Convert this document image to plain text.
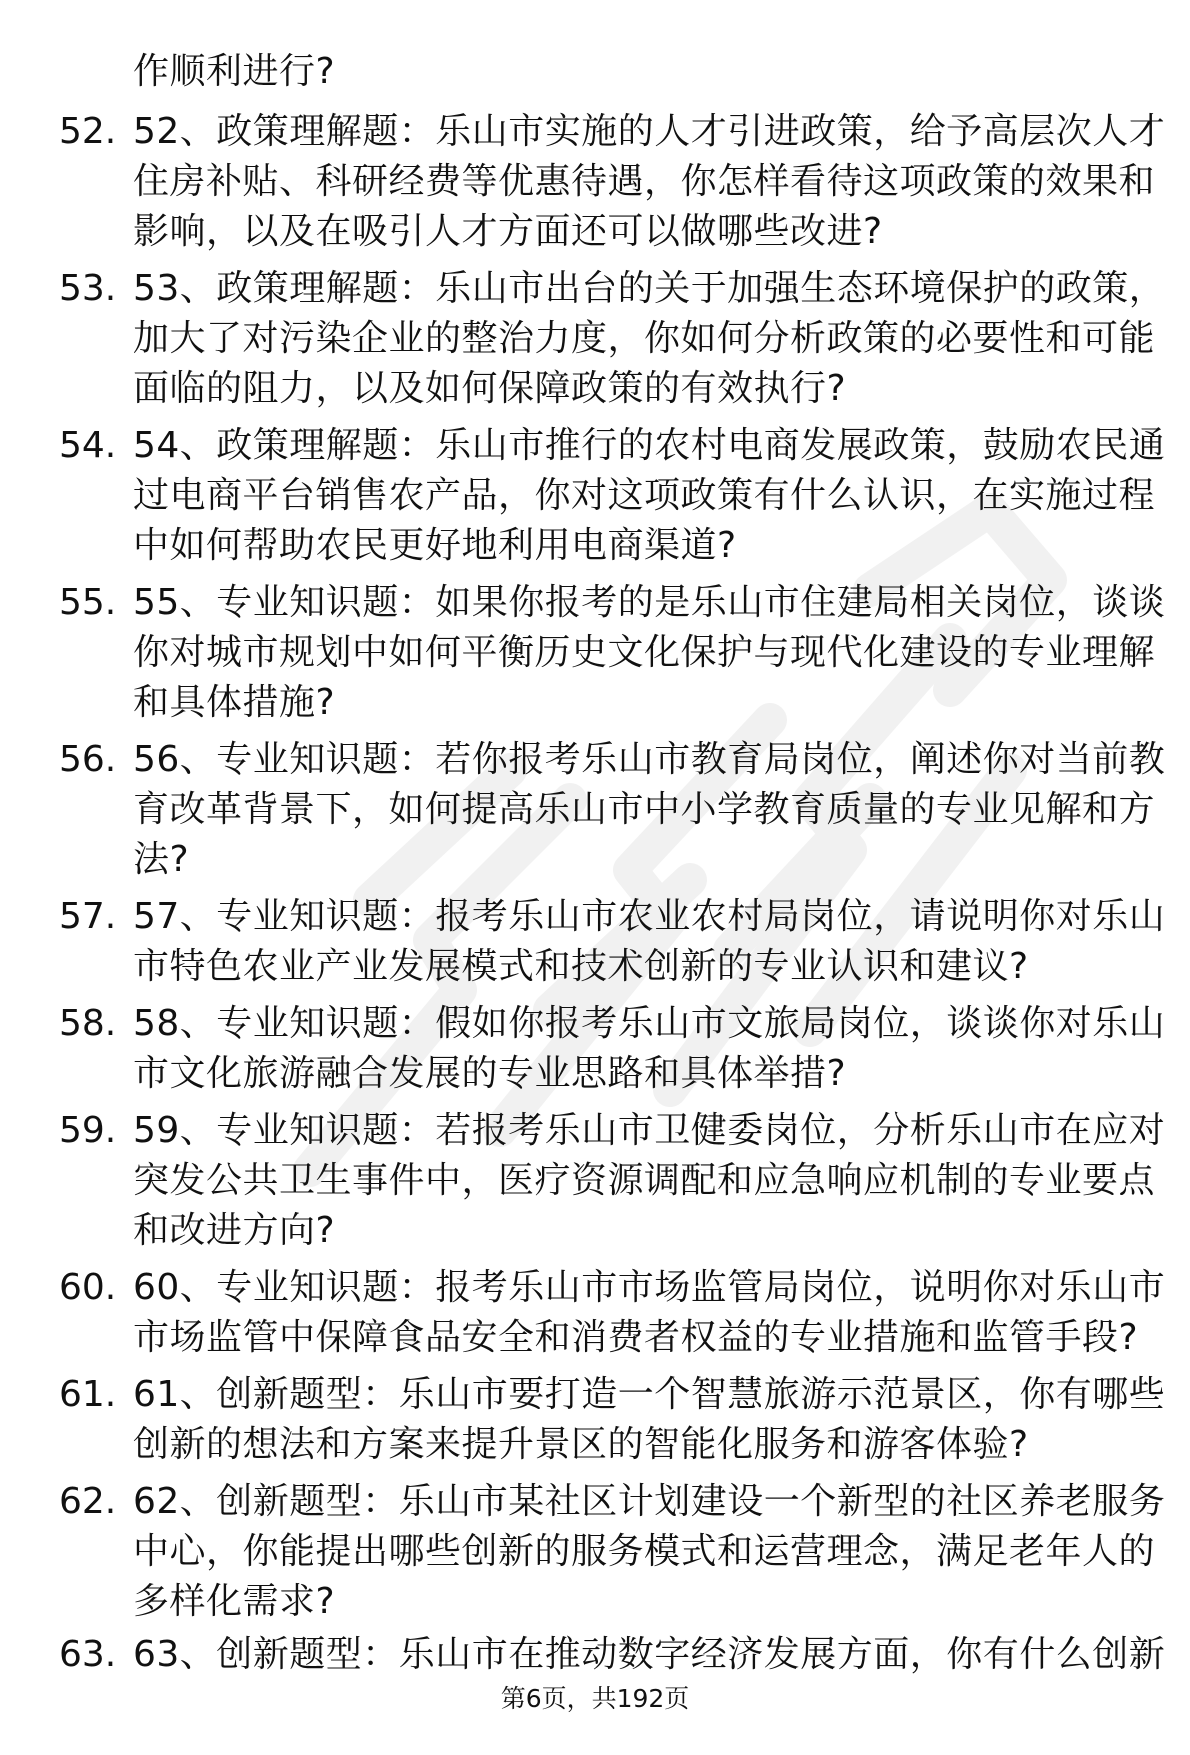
作顺利进行?
52. 52、政策理解题：乐山市实施的人才引进政策，给予高层次人才
住房补贴、科研经费等优惠待遇，你怎样看待这项政策的效果和
影响，以及在吸引人才方面还可以做哪些改进?
53. 53、政策理解题：乐山市出台的关于加强生态环境保护的政策，
加大了对污染企业的整治力度，你如何分析政策的必要性和可能
面临的阻力，以及如何保障政策的有效执行?
54. 54、政策理解题：乐山市推行的农村电商发展政策，鼓励农民通
过电商平台销售农产品，你对这项政策有什么认识，在实施过程
中如何帮助农民更好地利用电商渠道?
55. 55、专业知识题：如果你报考的是乐山市住建局相关岗位，谈谈
你对城市规划中如何平衡历史文化保护与现代化建设的专业理解
和具体措施?
56. 56、专业知识题：若你报考乐山市教育局岗位，阐述你对当前教
育改革背景下，如何提高乐山市中小学教育质量的专业见解和方
法?
57. 57、专业知识题：报考乐山市农业农村局岗位，请说明你对乐山
市特色农业产业发展模式和技术创新的专业认识和建议?
58. 58、专业知识题：假如你报考乐山市文旅局岗位，谈谈你对乐山
市文化旅游融合发展的专业思路和具体举措?
59. 59、专业知识题：若报考乐山市卫健委岗位，分析乐山市在应对
突发公共卫生事件中，医疗资源调配和应急响应机制的专业要点
和改进方向?
60. 60、专业知识题：报考乐山市市场监管局岗位，说明你对乐山市
市场监管中保障食品安全和消费者权益的专业措施和监管手段?
61. 61、创新题型：乐山市要打造一个智慧旅游示范景区，你有哪些
创新的想法和方案来提升景区的智能化服务和游客体验?
62. 62、创新题型：乐山市某社区计划建设一个新型的社区养老服务
中心，你能提出哪些创新的服务模式和运营理念，满足老年人的
多样化需求?
63. 63、创新题型：乐山市在推动数字经济发展方面，你有什么创新
第6页，共192页
